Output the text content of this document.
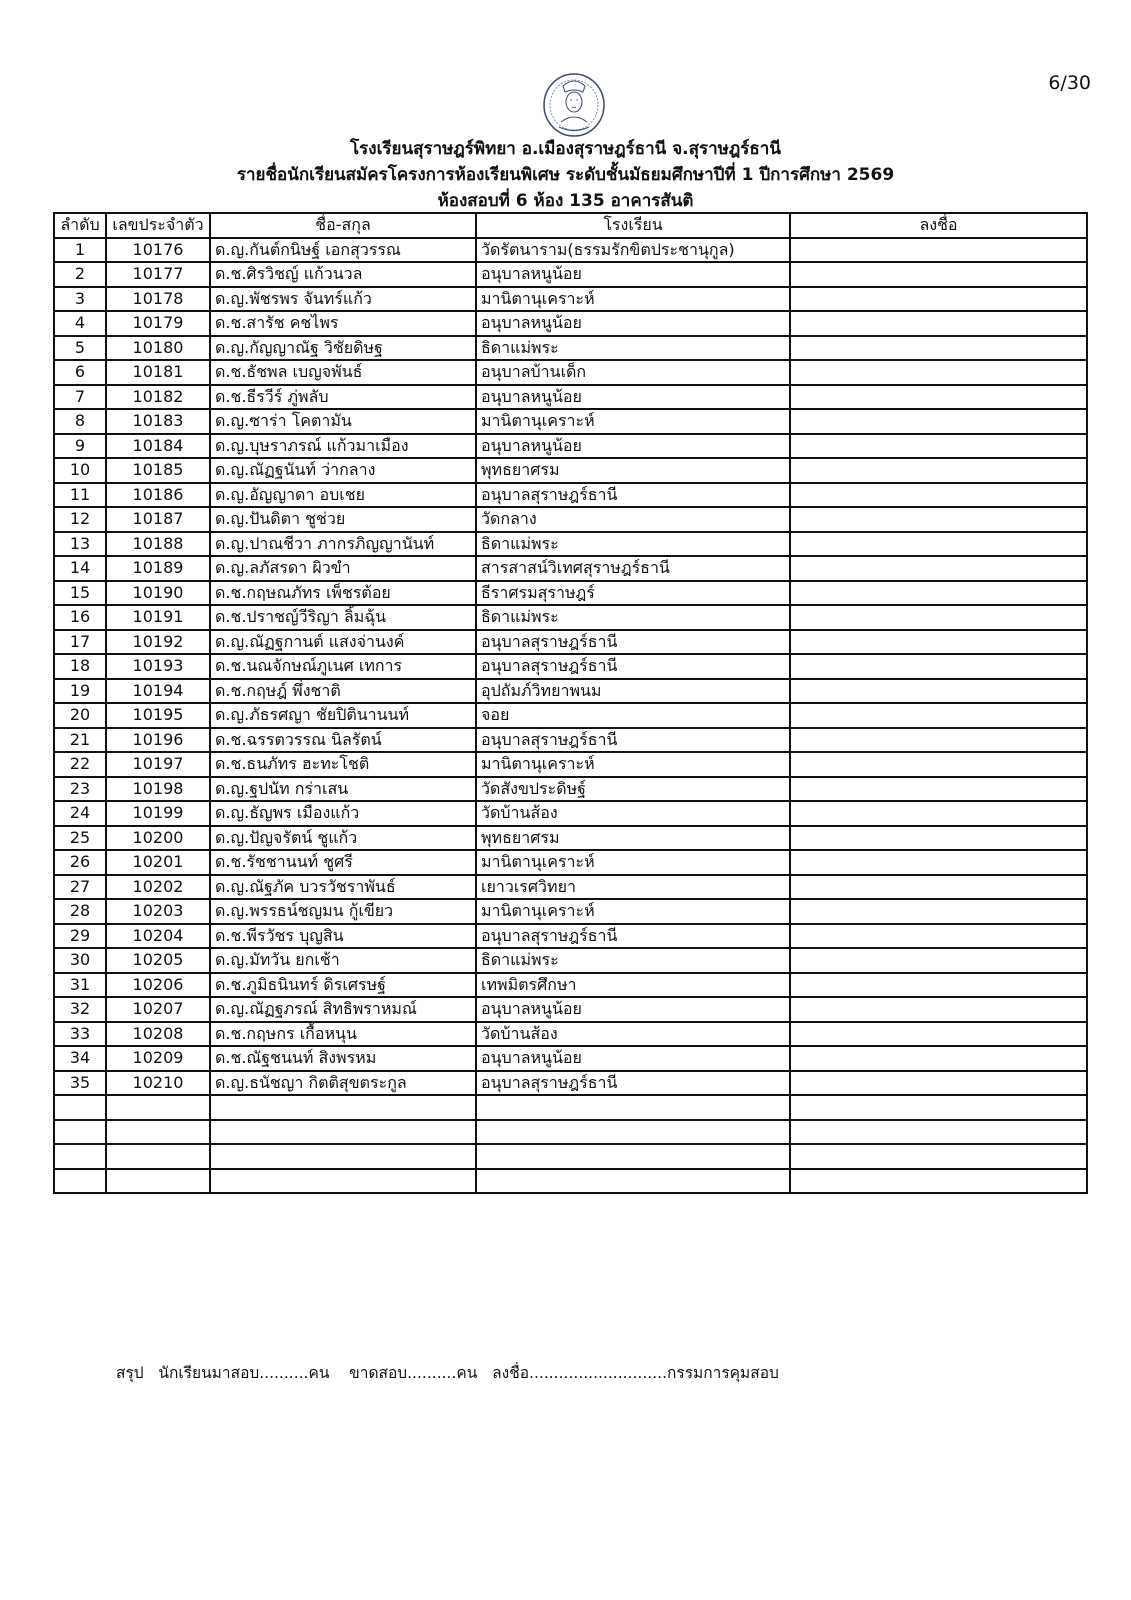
6/30
โรงเรียนสุราษฎร์พิทยา อ.เมืองสุราษฎร์ธานี จ.สุราษฎร์ธานี
รายชื่อนักเรียนสมัครโครงการห้องเรียนพิเศษ ระดับชั้นมัธยมศึกษาปีที่ 1 ปีการศึกษา 2569
ห้องสอบที่ 6 ห้อง 135 อาคารสันติ
ลำดับ	เลขประจำตัว	ชื่อ-สกุล	โรงเรียน	ลงชื่อ
1	10176	ด.ญ.กันต์กนิษฐ์ เอกสุวรรณ	วัดรัตนาราม(ธรรมรักขิตประชานุกูล)	
2	10177	ด.ช.ศิรวิชญ์ แก้วนวล	อนุบาลหนูน้อย	
3	10178	ด.ญ.พัชรพร จันทร์แก้ว	มานิตานุเคราะห์	
4	10179	ด.ช.สารัช คชไพร	อนุบาลหนูน้อย	
5	10180	ด.ญ.กัญญาณัฐ วิชัยดิษฐ	ธิดาแม่พระ	
6	10181	ด.ช.ธัชพล เบญจพันธ์	อนุบาลบ้านเด็ก	
7	10182	ด.ช.ธีรวีร์ ภู่พลับ	อนุบาลหนูน้อย	
8	10183	ด.ญ.ซาร่า โคตามัน	มานิตานุเคราะห์	
9	10184	ด.ญ.บุษราภรณ์ แก้วมาเมือง	อนุบาลหนูน้อย	
10	10185	ด.ญ.ณัฏฐนันท์ ว่ากลาง	พุทธยาศรม	
11	10186	ด.ญ.อัญญาดา อบเชย	อนุบาลสุราษฎร์ธานี	
12	10187	ด.ญ.ปันดิตา ชูช่วย	วัดกลาง	
13	10188	ด.ญ.ปาณชีวา ภากรภิญญานันท์	ธิดาแม่พระ	
14	10189	ด.ญ.ลภัสรดา ผิวขำ	สารสาสน์วิเทศสุราษฎร์ธานี	
15	10190	ด.ช.กฤษณภัทร เพ็ชรต้อย	ธีราศรมสุราษฎร์	
16	10191	ด.ช.ปราชญ์วีริญา ลิ้มฉุ้น	ธิดาแม่พระ	
17	10192	ด.ญ.ณัฏฐกานต์ แสงจ่านงค์	อนุบาลสุราษฎร์ธานี	
18	10193	ด.ช.นณจักษณ์ภูเนศ เทการ	อนุบาลสุราษฎร์ธานี	
19	10194	ด.ช.กฤษฎ์ พึ่งชาติ	อุปถัมภ์วิทยาพนม	
20	10195	ด.ญ.ภัธรศญา ชัยปิตินานนท์	จอย	
21	10196	ด.ช.ฉรรตวรรณ นิลรัตน์	อนุบาลสุราษฎร์ธานี	
22	10197	ด.ช.ธนภัทร ฮะทะโชติ	มานิตานุเคราะห์	
23	10198	ด.ญ.ฐปนัท กร่าเสน	วัดสังขประดิษฐ์	
24	10199	ด.ญ.ธัญพร เมืองแก้ว	วัดบ้านส้อง	
25	10200	ด.ญ.ปัญจรัตน์ ชูแก้ว	พุทธยาศรม	
26	10201	ด.ช.รัชชานนท์ ชูศรี	มานิตานุเคราะห์	
27	10202	ด.ญ.ณัฐภัค บวรวัชราพันธ์	เยาวเรศวิทยา	
28	10203	ด.ญ.พรรธน์ชญมน กู้เขียว	มานิตานุเคราะห์	
29	10204	ด.ช.พีรวัชร บุญสิน	อนุบาลสุราษฎร์ธานี	
30	10205	ด.ญ.มัทวัน ยกเช้า	ธิดาแม่พระ	
31	10206	ด.ช.ภูมิธนินทร์ ดิรเศรษฐ์	เทพมิตรศึกษา	
32	10207	ด.ญ.ณัฏฐภรณ์ สิทธิพราหมณ์	อนุบาลหนูน้อย	
33	10208	ด.ช.กฤษกร เกื้อหนุน	วัดบ้านส้อง	
34	10209	ด.ช.ณัฐชนนท์ สิงพรหม	อนุบาลหนูน้อย	
35	10210	ด.ญ.ธนัชญา กิตติสุขตระกูล	อนุบาลสุราษฎร์ธานี	

สรุป   นักเรียนมาสอบ..........คน    ขาดสอบ..........คน   ลงชื่อ............................กรรมการคุมสอบ
